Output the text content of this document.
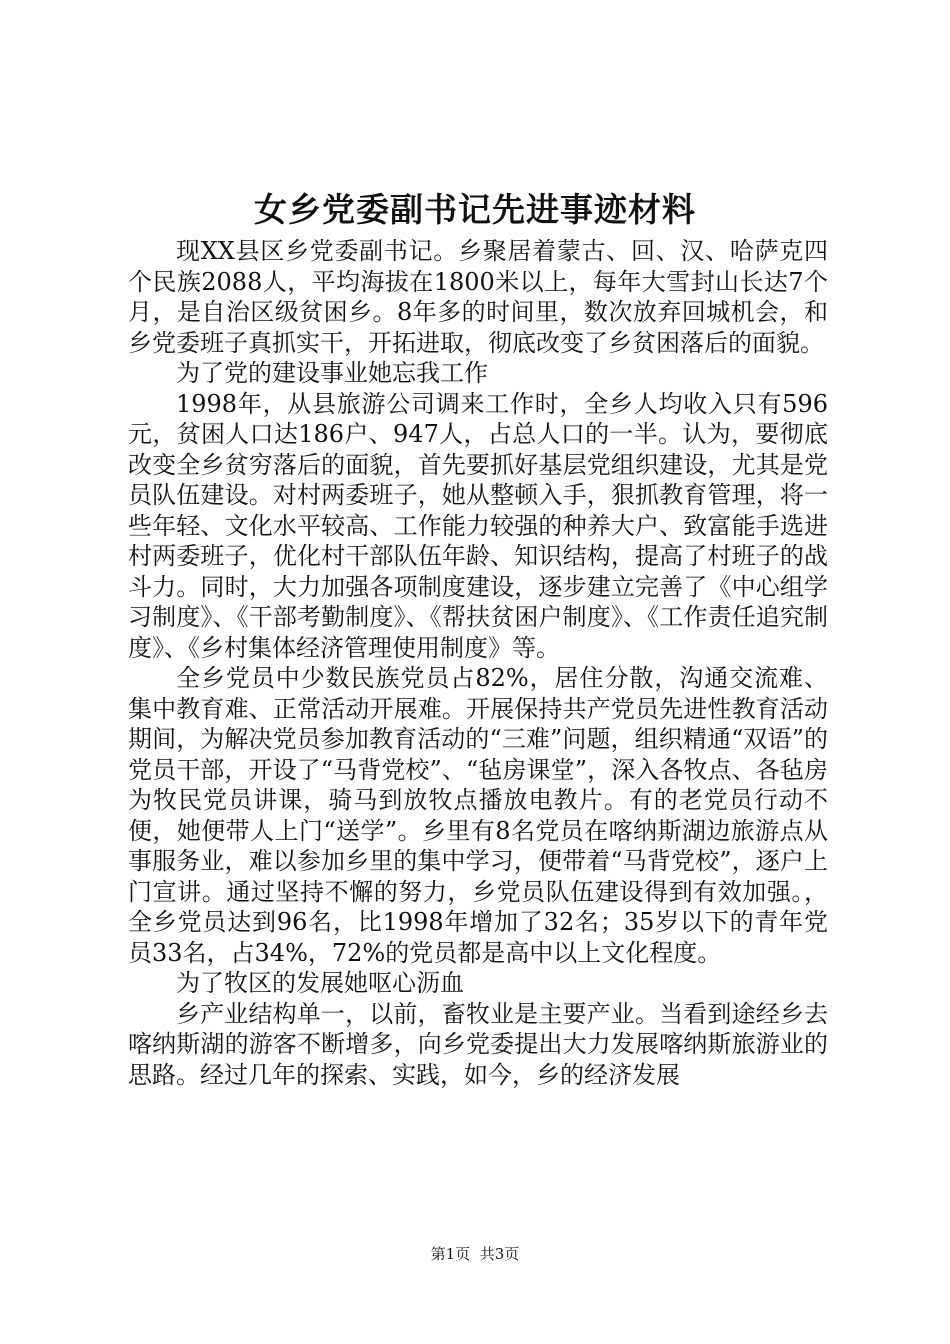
女乡党委副书记先进事迹材料

现XX县区乡党委副书记。乡聚居着蒙古、回、汉、哈萨克四个民族2088人，平均海拔在1800米以上，每年大雪封山长达7个月，是自治区级贫困乡。8年多的时间里，数次放弃回城机会，和乡党委班子真抓实干，开拓进取，彻底改变了乡贫困落后的面貌。

为了党的建设事业她忘我工作

1998年，从县旅游公司调来工作时，全乡人均收入只有596元，贫困人口达186户、947人，占总人口的一半。认为，要彻底改变全乡贫穷落后的面貌，首先要抓好基层党组织建设，尤其是党员队伍建设。对村两委班子，她从整顿入手，狠抓教育管理，将一些年轻、文化水平较高、工作能力较强的种养大户、致富能手选进村两委班子，优化村干部队伍年龄、知识结构，提高了村班子的战斗力。同时，大力加强各项制度建设，逐步建立完善了《中心组学习制度》、《干部考勤制度》、《帮扶贫困户制度》、《工作责任追究制度》、《乡村集体经济管理使用制度》等。

全乡党员中少数民族党员占82%，居住分散，沟通交流难、集中教育难、正常活动开展难。开展保持共产党员先进性教育活动期间，为解决党员参加教育活动的“三难”问题，组织精通“双语”的党员干部，开设了“马背党校”、“毡房课堂”，深入各牧点、各毡房为牧民党员讲课，骑马到放牧点播放电教片。有的老党员行动不便，她便带人上门“送学”。乡里有8名党员在喀纳斯湖边旅游点从事服务业，难以参加乡里的集中学习，便带着“马背党校”，逐户上门宣讲。通过坚持不懈的努力，乡党员队伍建设得到有效加强。，全乡党员达到96名，比1998年增加了32名；35岁以下的青年党员33名，占34%，72%的党员都是高中以上文化程度。

为了牧区的发展她呕心沥血

乡产业结构单一，以前，畜牧业是主要产业。当看到途经乡去喀纳斯湖的游客不断增多，向乡党委提出大力发展喀纳斯旅游业的思路。经过几年的探索、实践，如今，乡的经济发展

第1页 共3页
